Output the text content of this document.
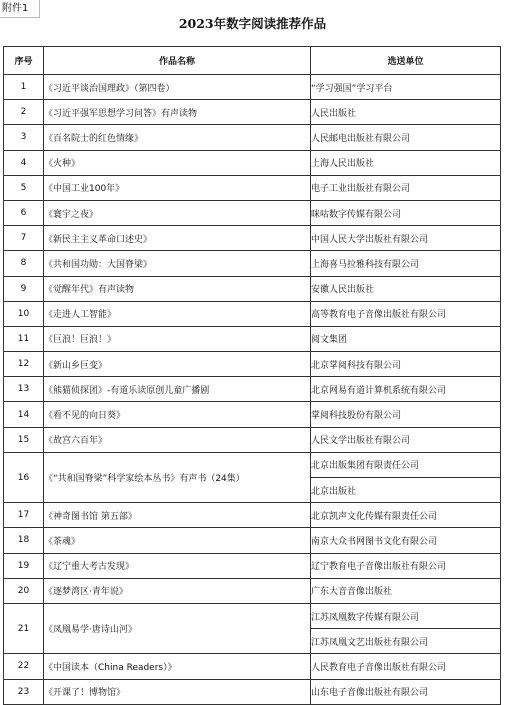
附件1
2023年数字阅读推荐作品
序号	作品名称	选送单位
1	《习近平谈治国理政》（第四卷）	“学习强国”学习平台
2	《习近平强军思想学习问答》有声读物	人民出版社
3	《百名院士的红色情缘》	人民邮电出版社有限公司
4	《火种》	上海人民出版社
5	《中国工业100年》	电子工业出版社有限公司
6	《寰宇之夜》	咪咕数字传媒有限公司
7	《新民主主义革命口述史》	中国人民大学出版社有限公司
8	《共和国功勋：大国脊梁》	上海喜马拉雅科技有限公司
9	《觉醒年代》有声读物	安徽人民出版社
10	《走进人工智能》	高等教育电子音像出版社有限公司
11	《巨浪！巨浪！》	阅文集团
12	《新山乡巨变》	北京掌阅科技有限公司
13	《熊猫侦探团》-有道乐读原创儿童广播剧	北京网易有道计算机系统有限公司
14	《看不见的向日葵》	掌阅科技股份有限公司
15	《故宫六百年》	人民文学出版社有限公司
16	《“共和国脊梁”科学家绘本丛书》有声书（24集）	北京出版集团有限责任公司
		北京出版社
17	《神奇图书馆 第五部》	北京凯声文化传媒有限责任公司
18	《茶魂》	南京大众书网图书文化有限公司
19	《辽宁重大考古发现》	辽宁教育电子音像出版社有限公司
20	《逐梦湾区·青年说》	广东大音音像出版社
21	《凤凰易学·唐诗山河》	江苏凤凰数字传媒有限公司
		江苏凤凰文艺出版社有限公司
22	《中国读本（China Readers）》	人民教育电子音像出版社有限公司
23	《开课了！博物馆》	山东电子音像出版社有限公司
